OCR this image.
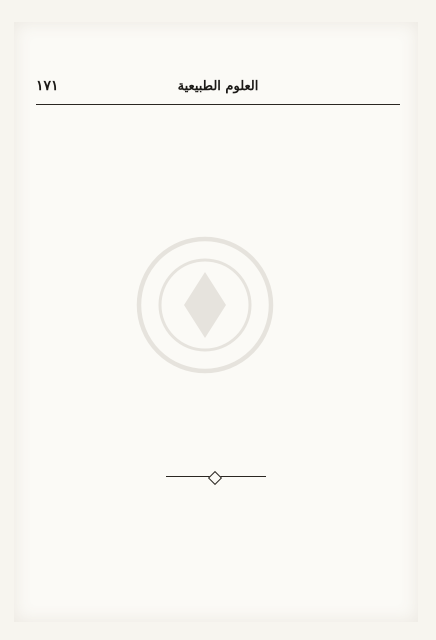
١٧١	العلوم الطبيعية
